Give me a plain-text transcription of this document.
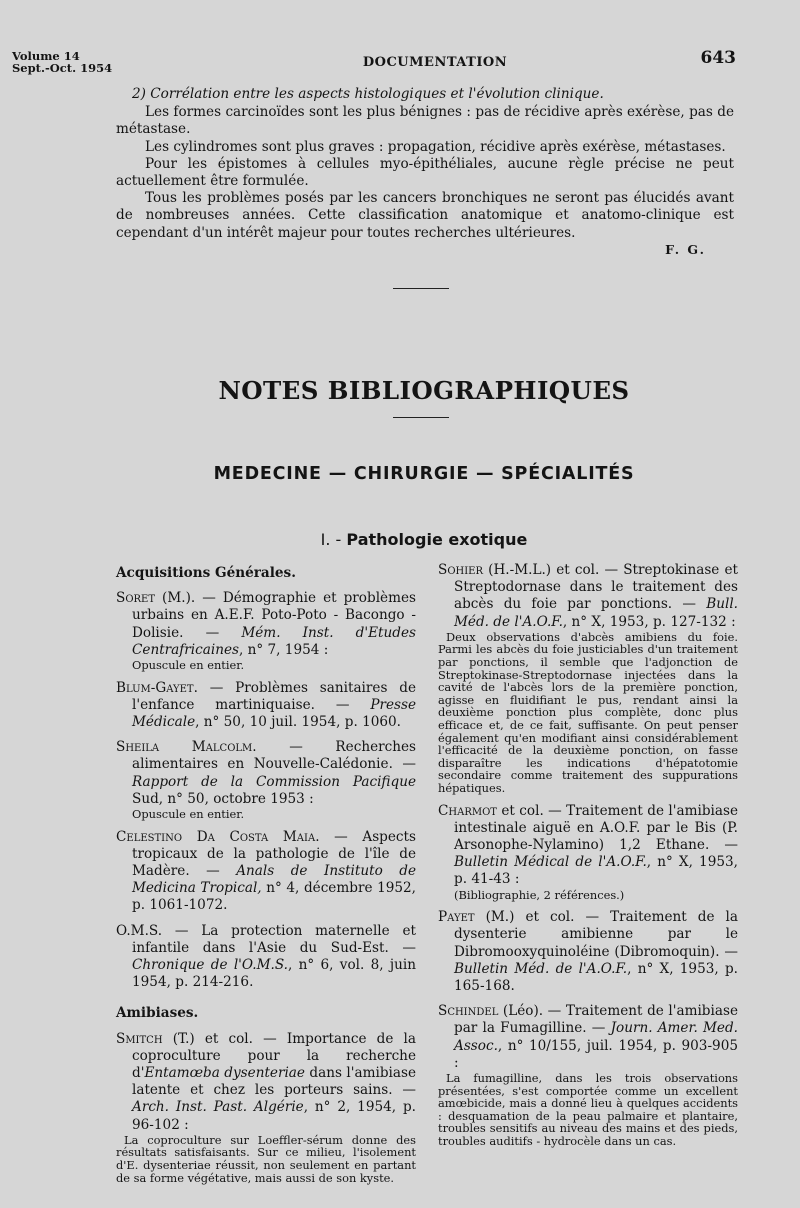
Volume 14
Sept.-Oct. 1954	DOCUMENTATION	643

2) Corrélation entre les aspects histologiques et l'évolution clinique.

Les formes carcinoïdes sont les plus bénignes : pas de récidive après exérèse, pas de métastase.

Les cylindromes sont plus graves : propagation, récidive après exérèse, métastases.

Pour les épistomes à cellules myo-épithéliales, aucune règle précise ne peut actuellement être formulée.

Tous les problèmes posés par les cancers bronchiques ne seront pas élucidés avant de nombreuses années. Cette classification anatomique et anatomo-clinique est cependant d'un intérêt majeur pour toutes recherches ultérieures.

F. G.
NOTES BIBLIOGRAPHIQUES
MEDECINE — CHIRURGIE — SPÉCIALITÉS
I. - Pathologie exotique
Acquisitions Générales.

Soret (M.). — Démographie et problèmes urbains en A.E.F. Poto-Poto - Bacongo - Dolisie. — Mém. Inst. d'Etudes Centrafricaines, n° 7, 1954 :

Opuscule en entier.

Blum-Gayet. — Problèmes sanitaires de l'enfance martiniquaise. — Presse Médicale, n° 50, 10 juil. 1954, p. 1060.

Sheila Malcolm. — Recherches alimentaires en Nouvelle-Calédonie. — Rapport de la Commission Pacifique Sud, n° 50, octobre 1953 :

Opuscule en entier.

Celestino Da Costa Maia. — Aspects tropicaux de la pathologie de l'île de Madère. — Anals de Instituto de Medicina Tropical, n° 4, décembre 1952, p. 1061-1072.

O.M.S. — La protection maternelle et infantile dans l'Asie du Sud-Est. — Chronique de l'O.M.S., n° 6, vol. 8, juin 1954, p. 214-216.

Amibiases.

Smitch (T.) et col. — Importance de la coproculture pour la recherche d'Entamœba dysenteriae dans l'amibiase latente et chez les porteurs sains. — Arch. Inst. Past. Algérie, n° 2, 1954, p. 96-102 :

La coproculture sur Loeffler-sérum donne des résultats satisfaisants. Sur ce milieu, l'isolement d'E. dysenteriae réussit, non seulement en partant de sa forme végétative, mais aussi de son kyste.

Sohier (H.-M.L.) et col. — Streptokinase et Streptodornase dans le traitement des abcès du foie par ponctions. — Bull. Méd. de l'A.O.F., n° X, 1953, p. 127-132 :

Deux observations d'abcès amibiens du foie. Parmi les abcès du foie justiciables d'un traitement par ponctions, il semble que l'adjonction de Streptokinase-Streptodornase injectées dans la cavité de l'abcès lors de la première ponction, agisse en fluidifiant le pus, rendant ainsi la deuxième ponction plus complète, donc plus efficace et, de ce fait, suffisante. On peut penser également qu'en modifiant ainsi considérablement l'efficacité de la deuxième ponction, on fasse disparaître les indications d'hépatotomie secondaire comme traitement des suppurations hépatiques.

Charmot et col. — Traitement de l'amibiase intestinale aiguë en A.O.F. par le Bis (P. Arsonophe-Nylamino) 1,2 Ethane. — Bulletin Médical de l'A.O.F., n° X, 1953, p. 41-43 :

(Bibliographie, 2 références.)

Payet (M.) et col. — Traitement de la dysenterie amibienne par le Dibromooxyquinoléine (Dibromoquin). — Bulletin Méd. de l'A.O.F., n° X, 1953, p. 165-168.

Schindel (Léo). — Traitement de l'amibiase par la Fumagilline. — Journ. Amer. Med. Assoc., n° 10/155, juil. 1954, p. 903-905 :

La fumagilline, dans les trois observations présentées, s'est comportée comme un excellent amœbicide, mais a donné lieu à quelques accidents : desquamation de la peau palmaire et plantaire, troubles sensitifs au niveau des mains et des pieds, troubles auditifs - hydrocèle dans un cas.
